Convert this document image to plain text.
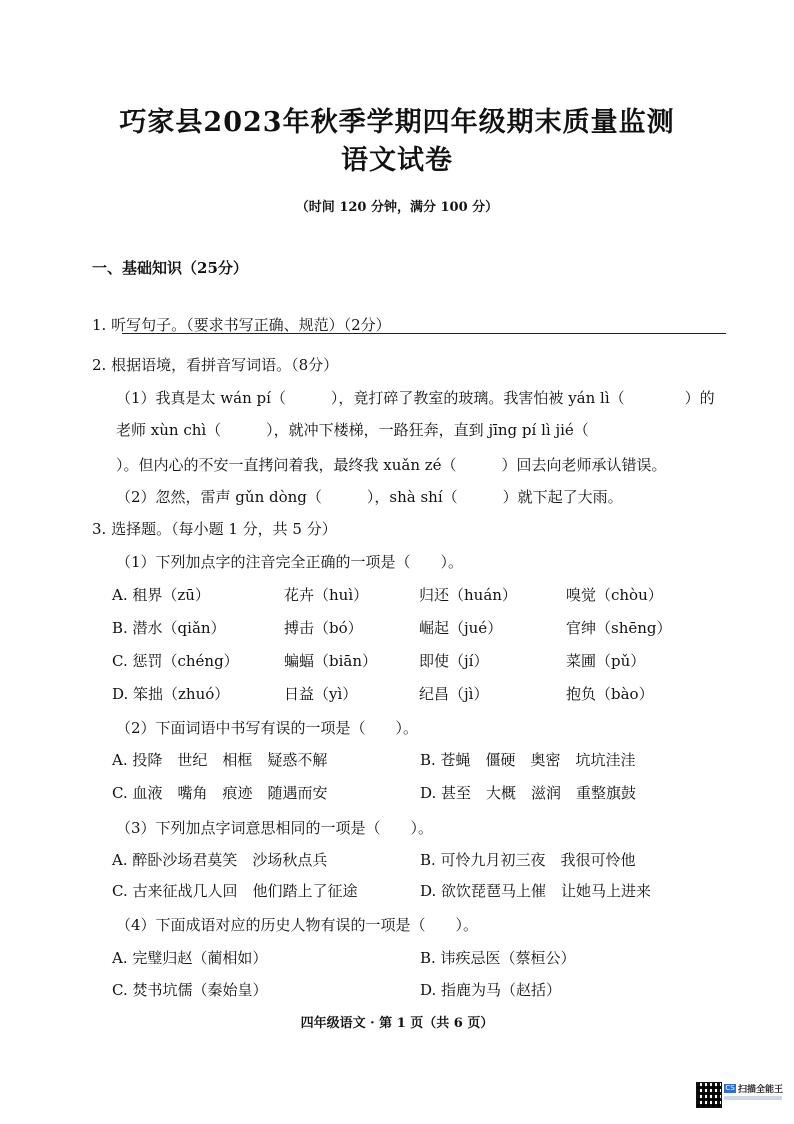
巧家县2023年秋季学期四年级期末质量监测
语文试卷
（时间 120 分钟，满分 100 分）
一、基础知识（25分）
1. 听写句子。（要求书写正确、规范）（2分）
2. 根据语境，看拼音写词语。（8分）
（1）我真是太 wán pí（　　　），竟打碎了教室的玻璃。我害怕被 yán lì（　　　　）的
老师 xùn chì（　　　），就冲下楼梯，一路狂奔，直到 jīng pí lì jié（
）。但内心的不安一直拷问着我，最终我 xuǎn zé（　　　）回去向老师承认错误。
（2）忽然，雷声 gǔn dòng（　　　），shà shí（　　　）就下起了大雨。
3. 选择题。（每小题 1 分，共 5 分）
（1）下列加点字的注音完全正确的一项是（　　）。
A. 租界（zū）	花卉（huì）	归还（huán）	嗅觉（chòu）
B. 潜水（qiǎn）	搏击（bó）	崛起（jué）	官绅（shēng）
C. 惩罚（chéng）	蝙蝠（biān）	即使（jí）	菜圃（pǔ）
D. 笨拙（zhuó）	日益（yì）	纪昌（jì）	抱负（bào）
（2）下面词语中书写有误的一项是（　　）。
A. 投降　世纪　相框　疑惑不解	B. 苍蝇　僵硬　奥密　坑坑洼洼
C. 血液　嘴角　痕迹　随遇而安	D. 甚至　大概　滋润　重整旗鼓
（3）下列加点字词意思相同的一项是（　　）。
A. 醉卧沙场君莫笑　沙场秋点兵	B. 可怜九月初三夜　我很可怜他
C. 古来征战几人回　他们踏上了征途	D. 欲饮琵琶马上催　让她马上进来
（4）下面成语对应的历史人物有误的一项是（　　）。
A. 完璧归赵（蔺相如）	B. 讳疾忌医（蔡桓公）
C. 焚书坑儒（秦始皇）	D. 指鹿为马（赵括）
四年级语文 · 第 1 页（共 6 页）
CS 扫描全能王
